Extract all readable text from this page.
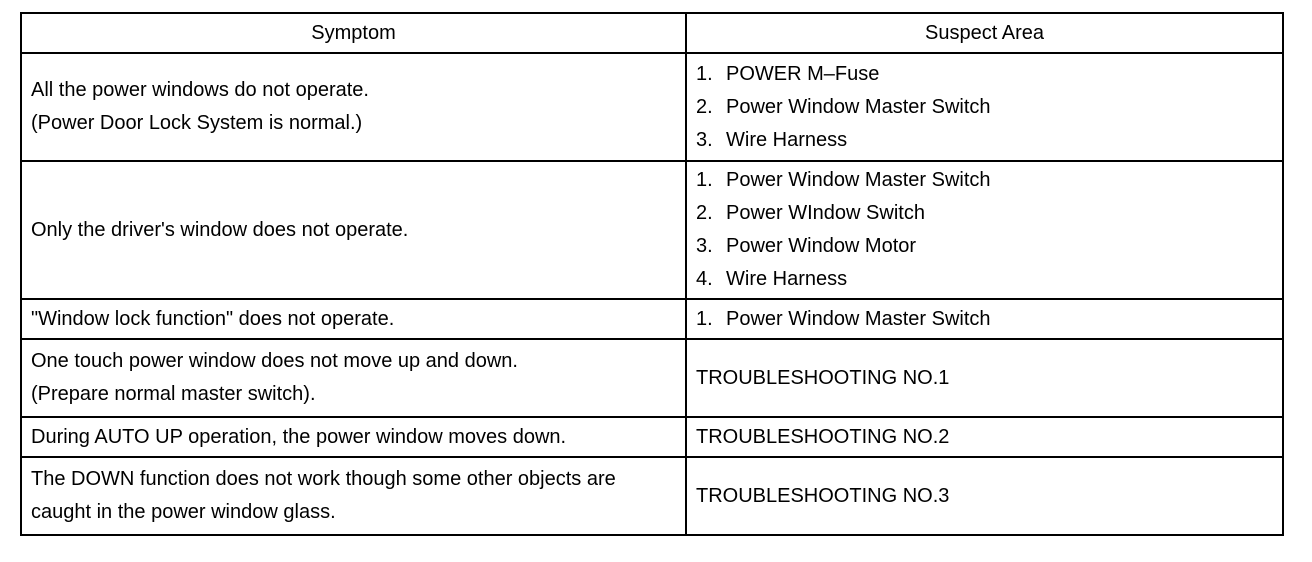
Symptom	Suspect Area

All the power windows do not operate.
(Power Door Lock System is normal.)	1. POWER M–Fuse
2. Power Window Master Switch
3. Wire Harness

Only the driver's window does not operate.	1. Power Window Master Switch
2. Power WIndow Switch
3. Power Window Motor
4. Wire Harness

"Window lock function" does not operate.	1. Power Window Master Switch

One touch power window does not move up and down.
(Prepare normal master switch).	TROUBLESHOOTING NO.1

During AUTO UP operation, the power window moves down.	TROUBLESHOOTING NO.2

The DOWN function does not work though some other objects are
caught in the power window glass.	TROUBLESHOOTING NO.3
